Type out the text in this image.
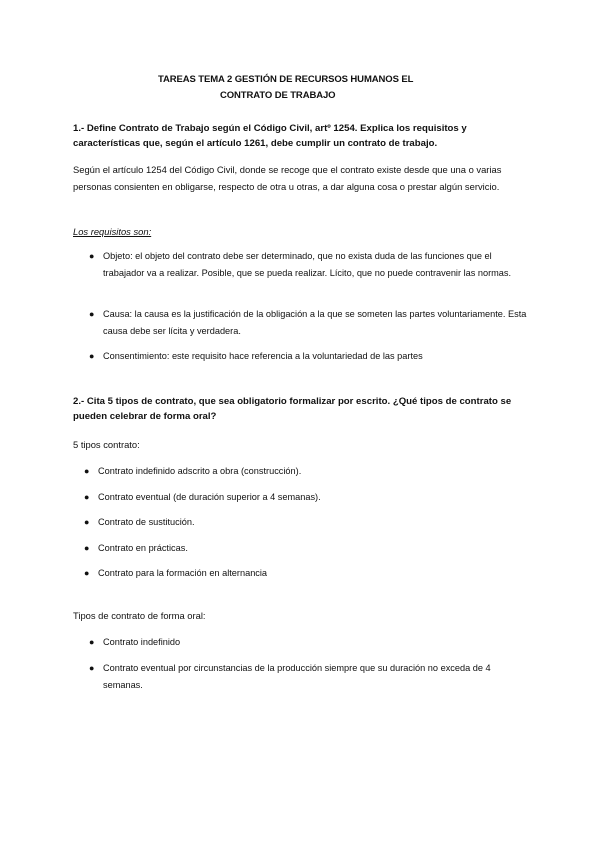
TAREAS TEMA 2 GESTIÓN DE RECURSOS HUMANOS EL
CONTRATO DE TRABAJO
1.- Define Contrato de Trabajo según el Código Civil, artº 1254. Explica los requisitos y características que, según el artículo 1261, debe cumplir un contrato de trabajo.
Según el artículo 1254 del Código Civil, donde se recoge que el contrato existe desde que una o varias personas consienten en obligarse, respecto de otra u otras, a dar alguna cosa o prestar algún servicio.
Los requisitos son:
● Objeto: el objeto del contrato debe ser determinado, que no exista duda de las funciones que el trabajador va a realizar. Posible, que se pueda realizar. Lícito, que no puede contravenir las normas.
● Causa: la causa es la justificación de la obligación a la que se someten las partes voluntariamente. Esta causa debe ser lícita y verdadera.
● Consentimiento: este requisito hace referencia a la voluntariedad de las partes
2.- Cita 5 tipos de contrato, que sea obligatorio formalizar por escrito. ¿Qué tipos de contrato se pueden celebrar de forma oral?
5 tipos contrato:
● Contrato indefinido adscrito a obra (construcción).
● Contrato eventual (de duración superior a 4 semanas).
● Contrato de sustitución.
● Contrato en prácticas.
● Contrato para la formación en alternancia
Tipos de contrato de forma oral:
● Contrato indefinido
● Contrato eventual por circunstancias de la producción siempre que su duración no exceda de 4 semanas.
